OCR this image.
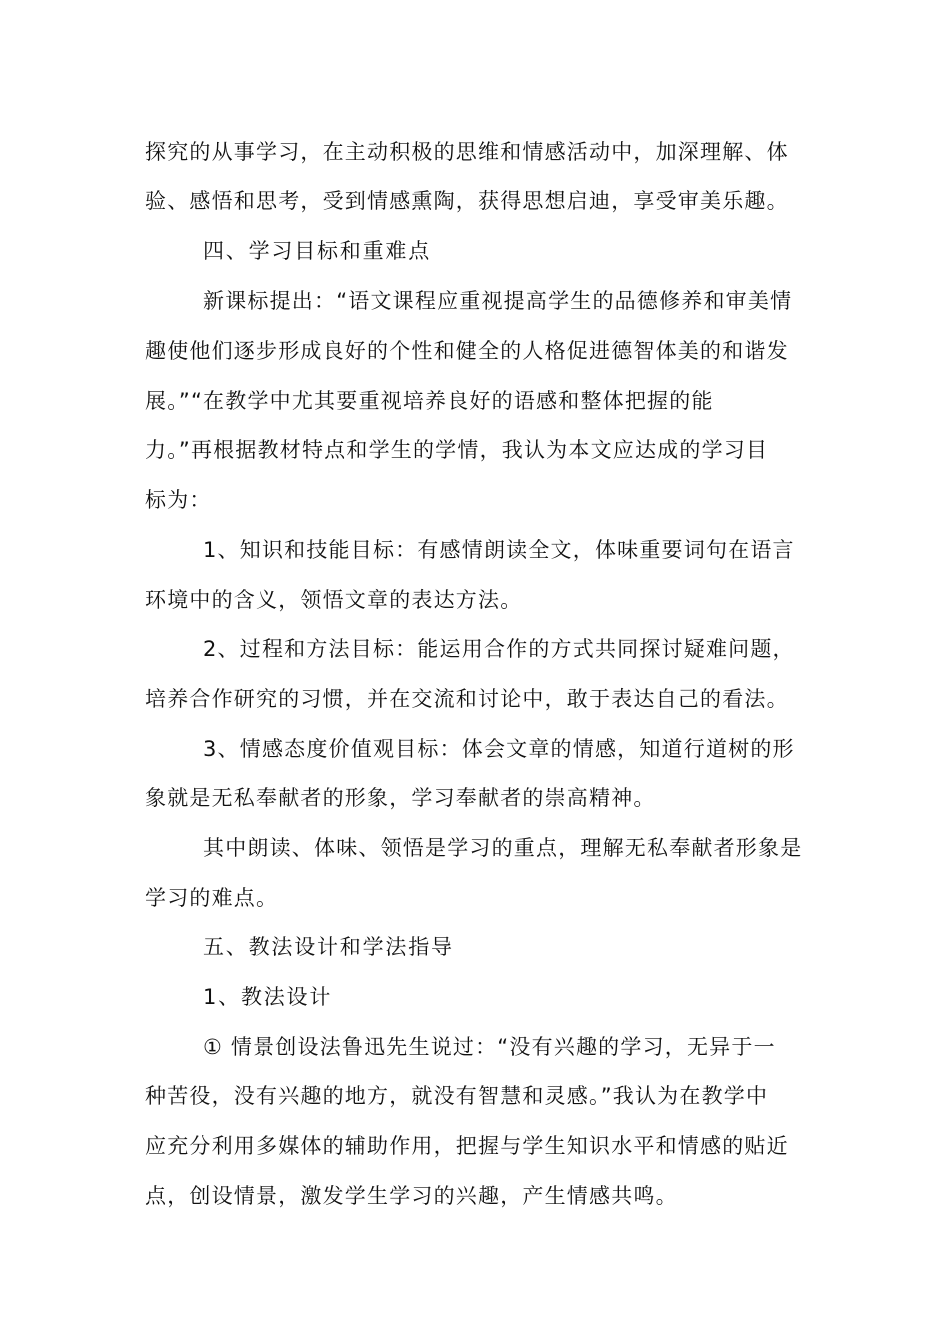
探究的从事学习，在主动积极的思维和情感活动中，加深理解、体
验、感悟和思考，受到情感熏陶，获得思想启迪，享受审美乐趣。
四、学习目标和重难点
新课标提出：“语文课程应重视提高学生的品德修养和审美情
趣使他们逐步形成良好的个性和健全的人格促进德智体美的和谐发
展。”“在教学中尤其要重视培养良好的语感和整体把握的能
力。”再根据教材特点和学生的学情，我认为本文应达成的学习目
标为：
1、知识和技能目标：有感情朗读全文，体味重要词句在语言
环境中的含义，领悟文章的表达方法。
2、过程和方法目标：能运用合作的方式共同探讨疑难问题，
培养合作研究的习惯，并在交流和讨论中，敢于表达自己的看法。
3、情感态度价值观目标：体会文章的情感，知道行道树的形
象就是无私奉献者的形象，学习奉献者的崇高精神。
其中朗读、体味、领悟是学习的重点，理解无私奉献者形象是
学习的难点。
五、教法设计和学法指导
1、教法设计
① 情景创设法鲁迅先生说过：“没有兴趣的学习，无异于一
种苦役，没有兴趣的地方，就没有智慧和灵感。”我认为在教学中
应充分利用多媒体的辅助作用，把握与学生知识水平和情感的贴近
点，创设情景，激发学生学习的兴趣，产生情感共鸣。
